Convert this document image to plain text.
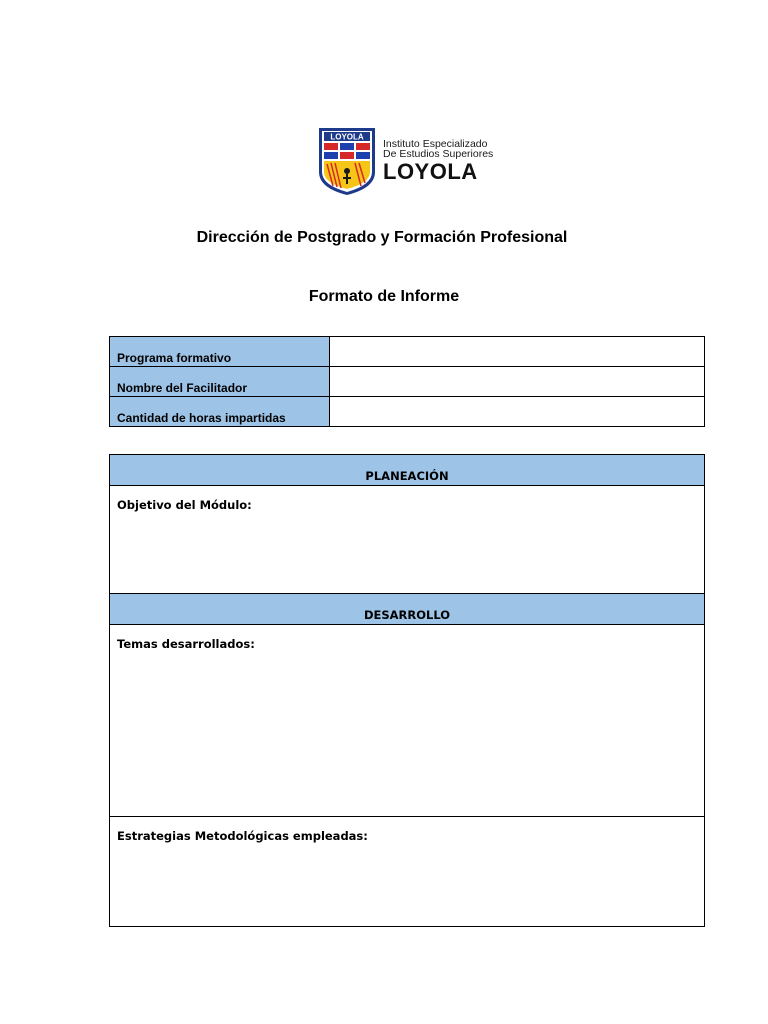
LOYOLA
Instituto Especializado
De Estudios Superiores
LOYOLA
Dirección de Postgrado y Formación Profesional
Formato de Informe
Programa formativo	
Nombre del Facilitador	
Cantidad de horas impartidas	
PLANEACIÓN
Objetivo del Módulo:
DESARROLLO
Temas desarrollados:
Estrategias Metodológicas empleadas:
